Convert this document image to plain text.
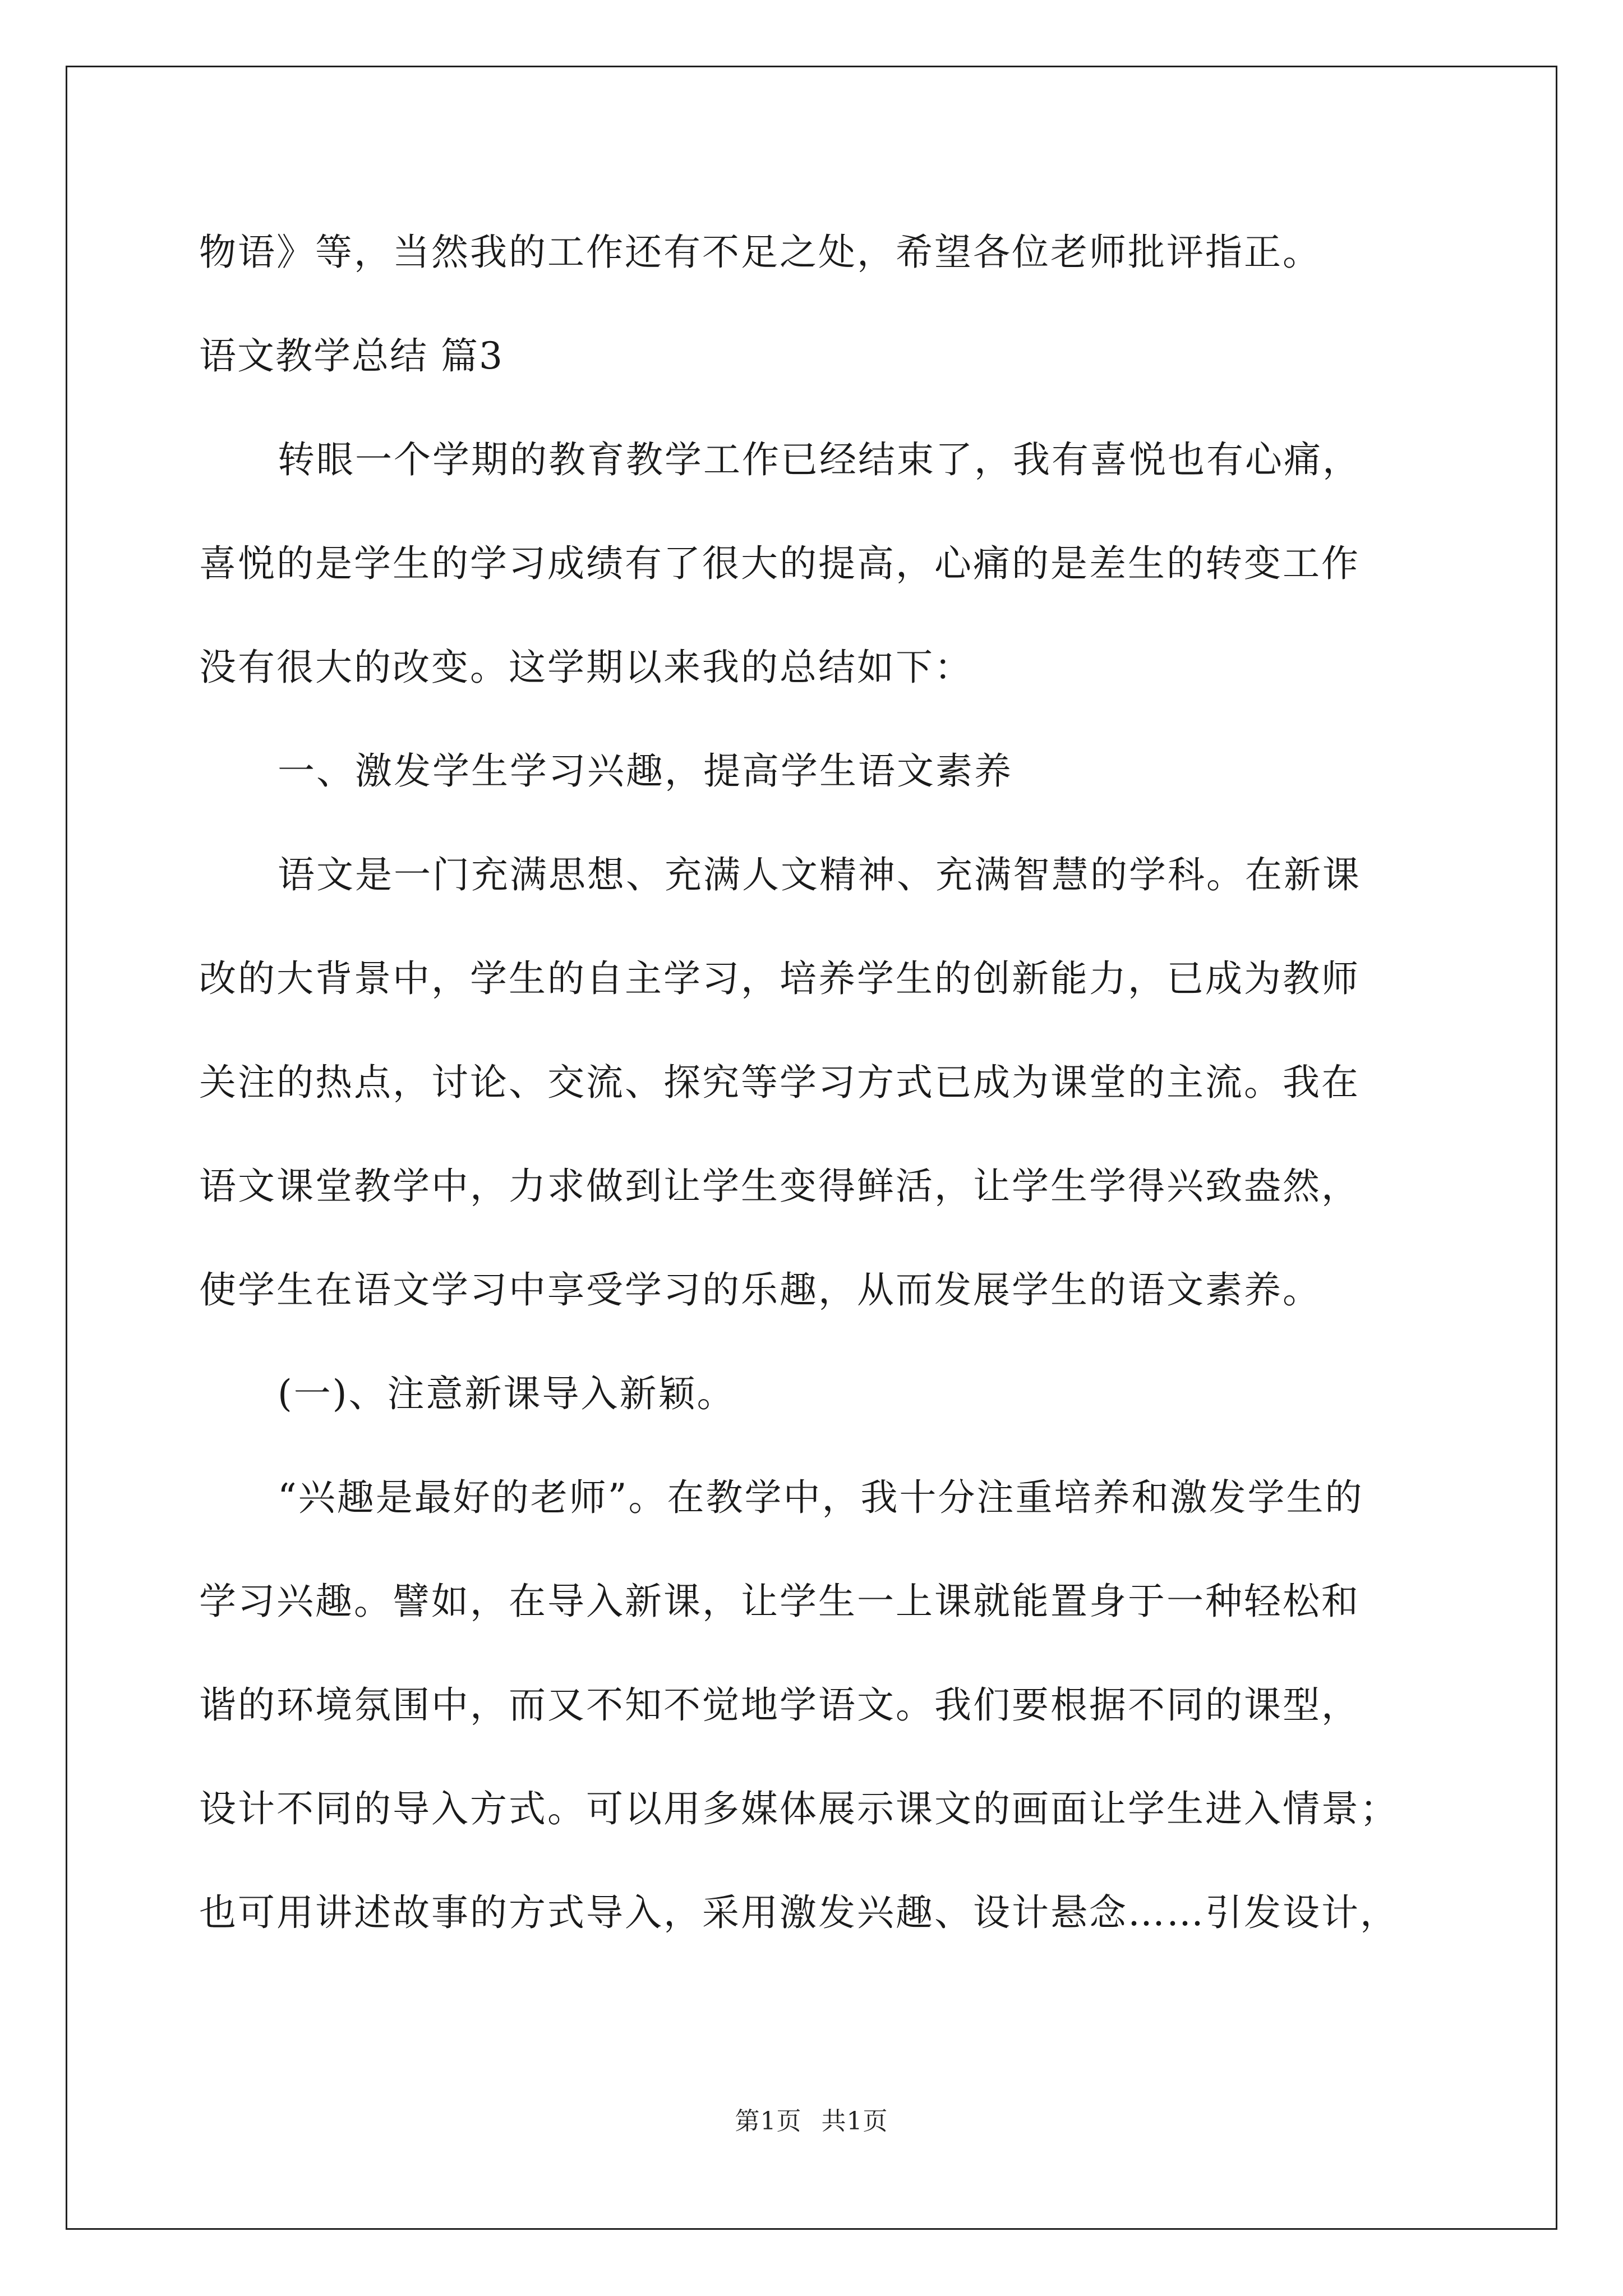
物语》等，当然我的工作还有不足之处，希望各位老师批评指正。
语文教学总结 篇3
转眼一个学期的教育教学工作已经结束了，我有喜悦也有心痛，
喜悦的是学生的学习成绩有了很大的提高，心痛的是差生的转变工作
没有很大的改变。这学期以来我的总结如下：
一、激发学生学习兴趣，提高学生语文素养
语文是一门充满思想、充满人文精神、充满智慧的学科。在新课
改的大背景中，学生的自主学习，培养学生的创新能力，已成为教师
关注的热点，讨论、交流、探究等学习方式已成为课堂的主流。我在
语文课堂教学中，力求做到让学生变得鲜活，让学生学得兴致盎然，
使学生在语文学习中享受学习的乐趣，从而发展学生的语文素养。
(一)、注意新课导入新颖。
“兴趣是最好的老师”。在教学中，我十分注重培养和激发学生的
学习兴趣。譬如，在导入新课，让学生一上课就能置身于一种轻松和
谐的环境氛围中，而又不知不觉地学语文。我们要根据不同的课型，
设计不同的导入方式。可以用多媒体展示课文的画面让学生进入情景；
也可用讲述故事的方式导入，采用激发兴趣、设计悬念……引发设计，
第1页 共1页
